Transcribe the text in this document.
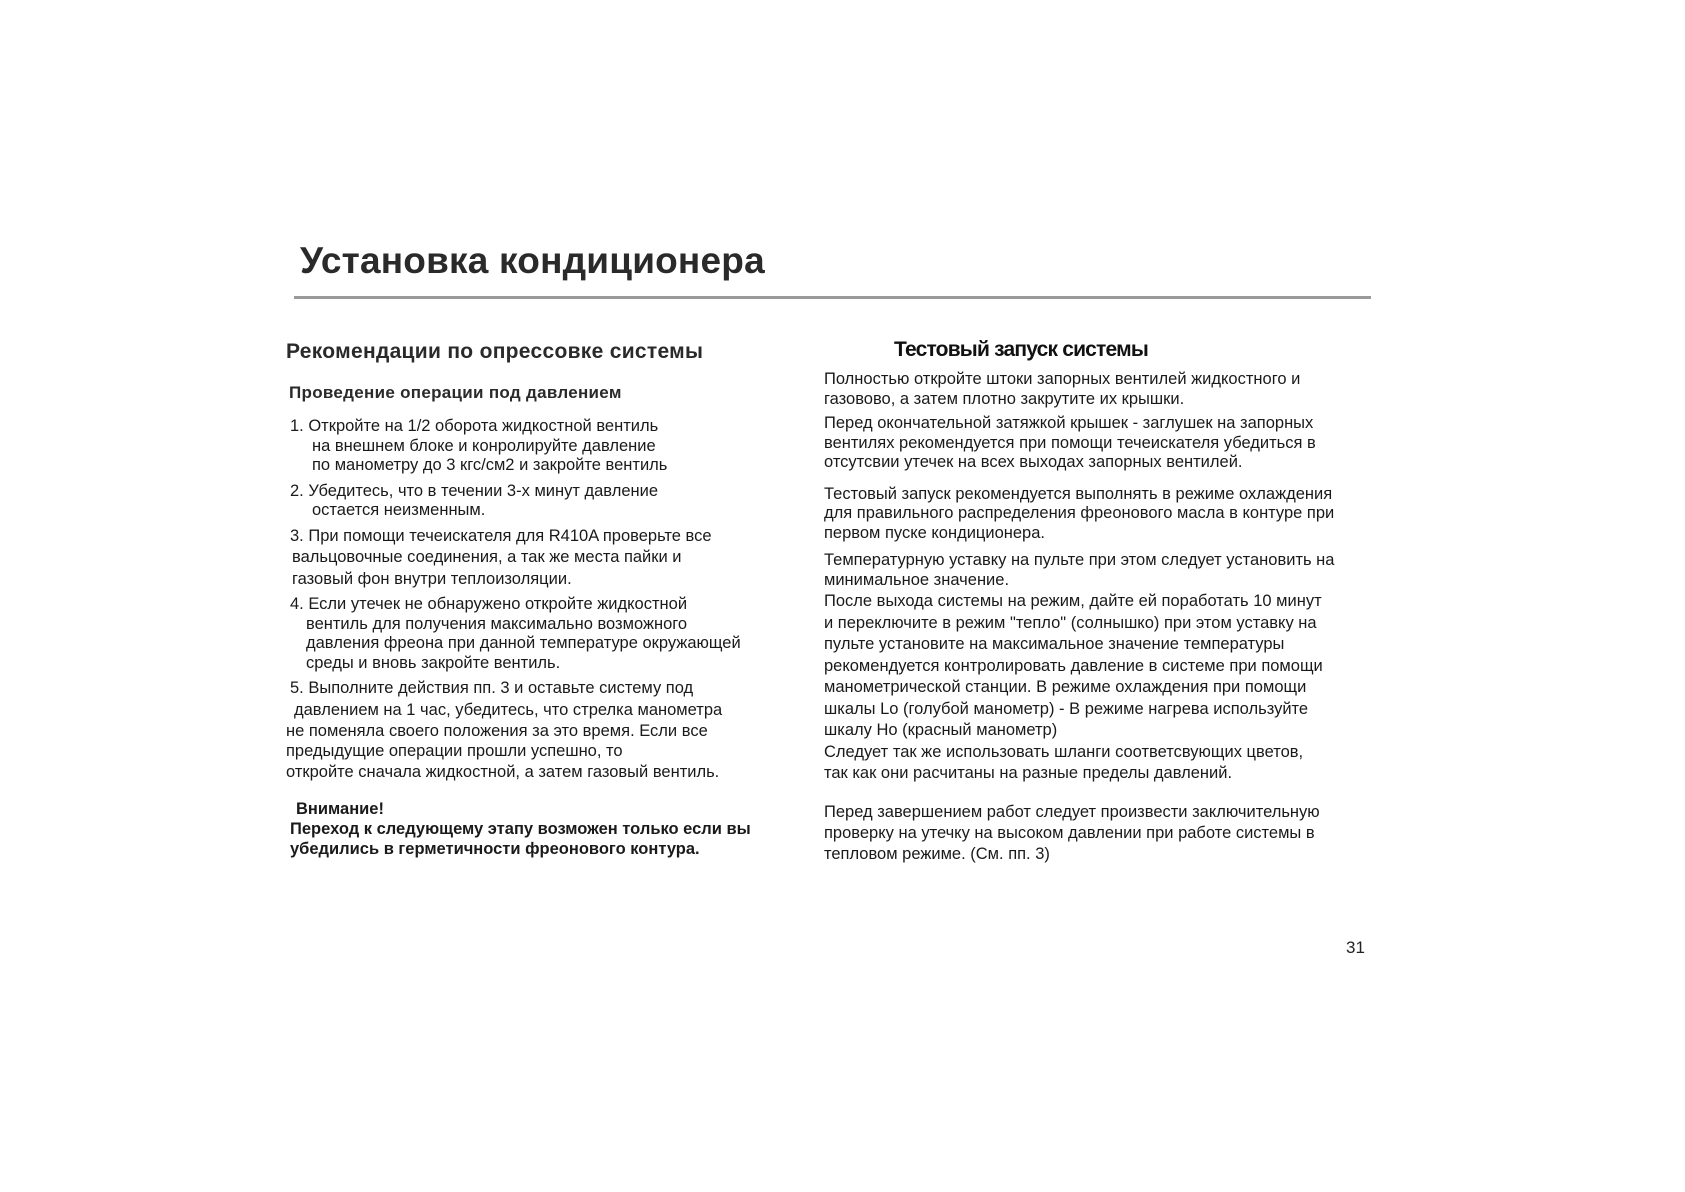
Установка кондиционера
Рекомендации по опрессовке системы
Проведение операции под давлением
1. Откройте на 1/2 оборота жидкостной вентиль
на внешнем блоке и конролируйте давление
по манометру до 3 кгс/см2 и закройте вентиль
2. Убедитесь, что в течении 3-х минут давление
остается неизменным.
3. При помощи течеискателя для R410A проверьте все
вальцовочные соединения, а так же места пайки и
газовый фон внутри теплоизоляции.
4. Если утечек не обнаружено откройте жидкостной
вентиль для получения максимально возможного
давления фреона при данной температуре окружающей
среды и вновь закройте вентиль.
5. Выполните действия пп. 3 и оставьте систему под
давлением на 1 час, убедитесь, что стрелка манометра
не поменяла своего положения за это время. Если все
предыдущие операции прошли успешно, то
откройте сначала жидкостной, а затем газовый вентиль.
Внимание!
Переход к следующему этапу возможен только если вы
убедились в герметичности фреонового контура.
Тестовый запуск системы

Полностью откройте штоки запорных вентилей жидкостного и
газовово, а затем плотно закрутите их крышки.

Перед окончательной затяжкой крышек - заглушек на запорных
вентилях рекомендуется при помощи течеискателя убедиться в
отсутсвии утечек на всех выходах запорных вентилей.

Тестовый запуск рекомендуется выполнять в режиме охлаждения
для правильного распределения фреонового масла в контуре при
первом пуске кондиционера.

Температурную уставку на пульте при этом следует установить на
минимальное значение.
После выхода системы на режим, дайте ей поработать 10 минут
и переключите в режим "тепло" (солнышко) при этом уставку на
пульте установите на максимальное значение температуры
рекомендуется контролировать давление в системе при помощи
манометрической станции. В режиме охлаждения при помощи
шкалы Lo (голубой манометр) - В режиме нагрева используйте
шкалу Ho (красный манометр)
Следует так же использовать шланги соответсвующих цветов,
так как они расчитаны на разные пределы давлений.

Перед завершением работ следует произвести заключительную
проверку на утечку на высоком давлении при работе системы в
тепловом режиме. (См. пп. 3)

31
